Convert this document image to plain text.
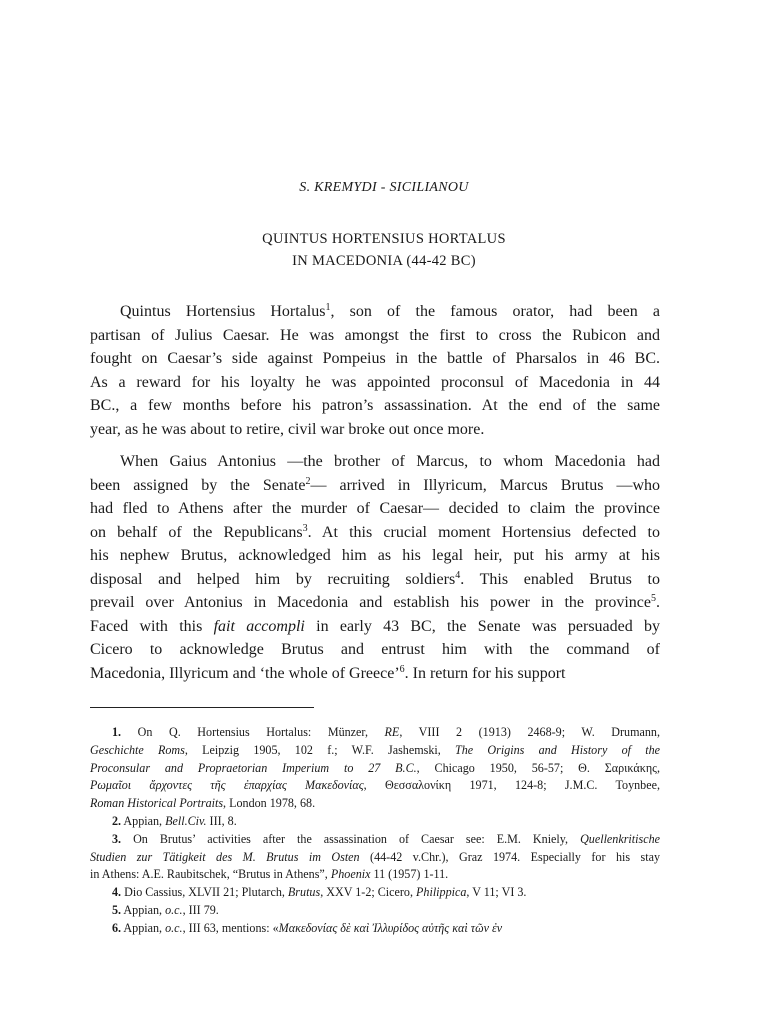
S. KREMYDI - SICILIANOU
QUINTUS HORTENSIUS HORTALUS
IN MACEDONIA (44-42 BC)
Quintus Hortensius Hortalus$^1$, son of the famous orator, had been a
partisan of Julius Caesar. He was amongst the first to cross the Rubicon and
fought on Caesar’s side against Pompeius in the battle of Pharsalos in 46 BC.
As a reward for his loyalty he was appointed proconsul of Macedonia in 44
BC., a few months before his patron’s assassination. At the end of the same
year, as he was about to retire, civil war broke out once more.
When Gaius Antonius —the brother of Marcus, to whom Macedonia had
been assigned by the Senate$^2$— arrived in Illyricum, Marcus Brutus —who
had fled to Athens after the murder of Caesar— decided to claim the province
on behalf of the Republicans$^3$. At this crucial moment Hortensius defected to
his nephew Brutus, acknowledged him as his legal heir, put his army at his
disposal and helped him by recruiting soldiers$^4$. This enabled Brutus to
prevail over Antonius in Macedonia and establish his power in the province$^5$.
Faced with this fait accompli in early 43 BC, the Senate was persuaded by
Cicero to acknowledge Brutus and entrust him with the command of
Macedonia, Illyricum and ‘the whole of Greece’$^6$. In return for his support
1. On Q. Hortensius Hortalus: Münzer, RE, VIII 2 (1913) 2468-9; W. Drumann,
Geschichte Roms, Leipzig 1905, 102 f.; W.F. Jashemski, The Origins and History of the
Proconsular and Propraetorian Imperium to 27 B.C., Chicago 1950, 56-57; Θ. Σαρικάκης,
Ρωμαῖοι ἄρχοντες τῆς ἐπαρχίας Μακεδονίας, Θεσσαλονίκη 1971, 124-8; J.M.C. Toynbee,
Roman Historical Portraits, London 1978, 68.
2. Appian, Bell.Civ. III, 8.
3. On Brutus’ activities after the assassination of Caesar see: E.M. Kniely, Quellenkritische
Studien zur Tätigkeit des M. Brutus im Osten (44-42 v.Chr.), Graz 1974. Especially for his stay
in Athens: A.E. Raubitschek, “Brutus in Athens”, Phoenix 11 (1957) 1-11.
4. Dio Cassius, XLVII 21; Plutarch, Brutus, XXV 1-2; Cicero, Philippica, V 11; VI 3.
5. Appian, o.c., III 79.
6. Appian, o.c., III 63, mentions: «Μακεδονίας δὲ καὶ Ἰλλυρίδος αὐτῆς καὶ τῶν ἐν
